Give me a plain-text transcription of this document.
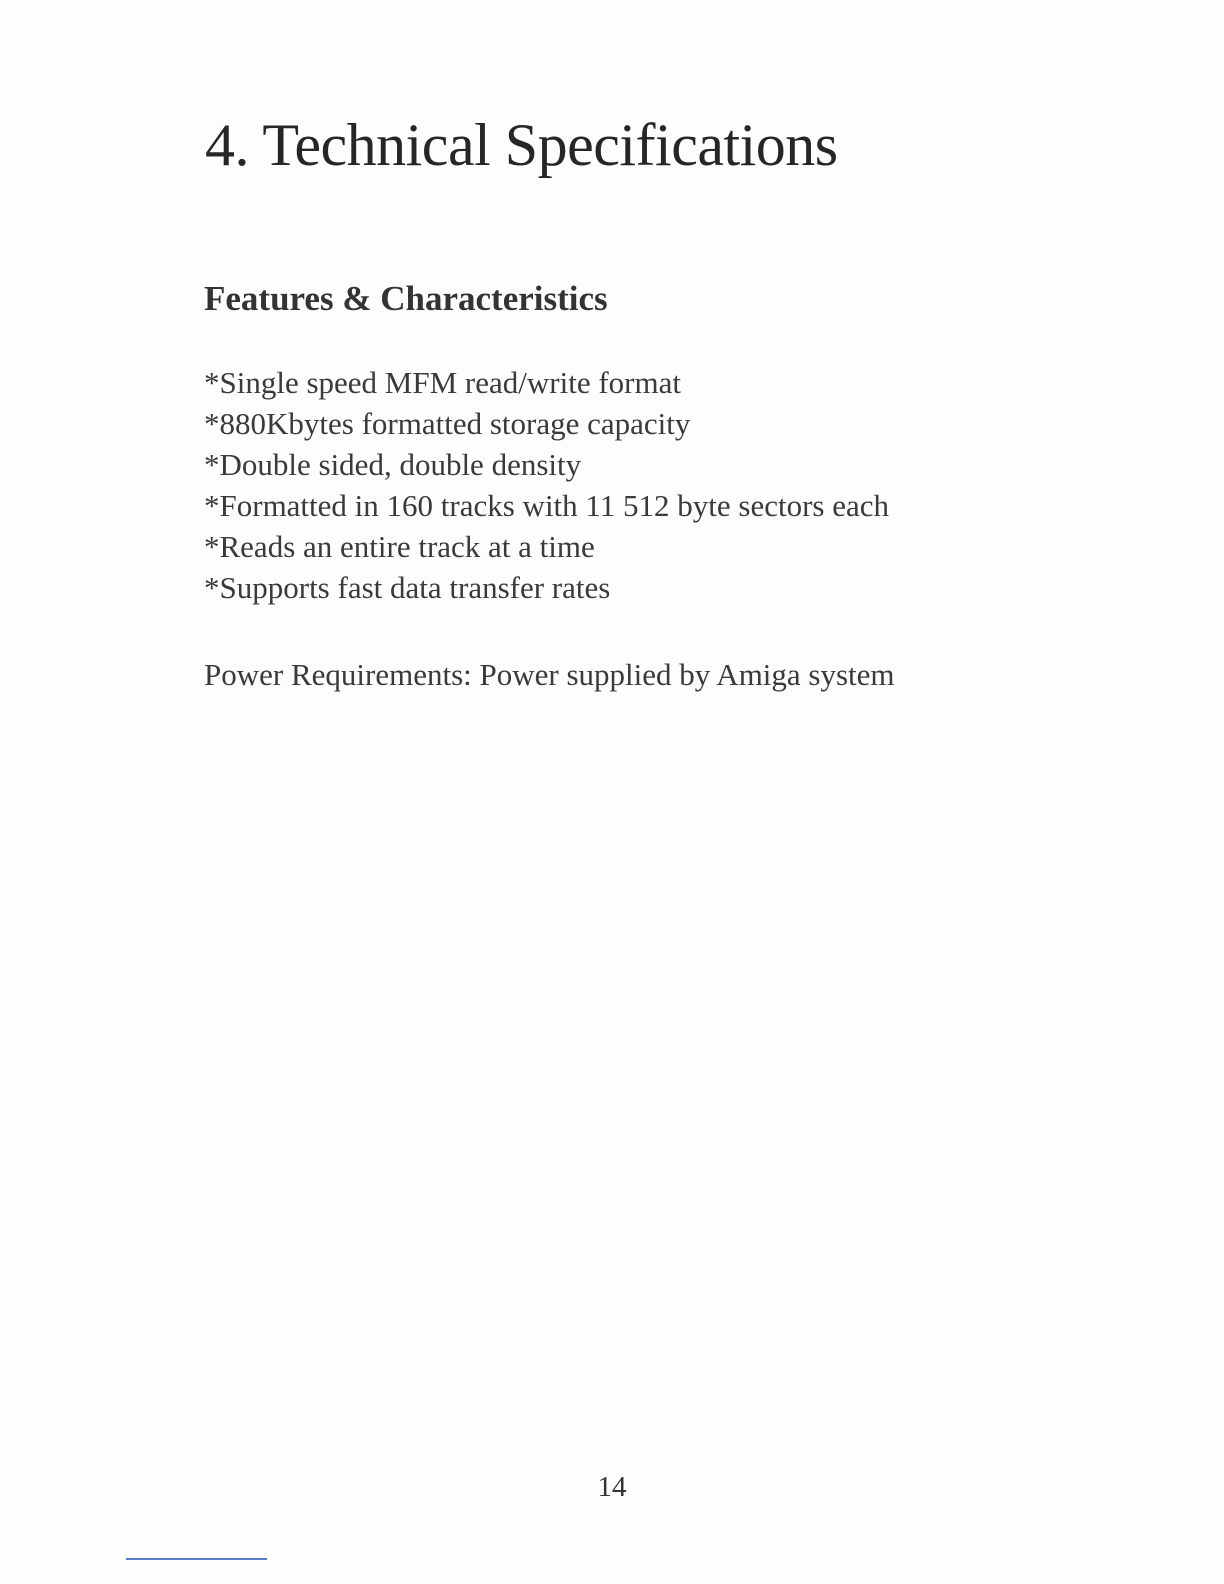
4. Technical Specifications
Features & Characteristics
*Single speed MFM read/write format
*880Kbytes formatted storage capacity
*Double sided, double density
*Formatted in 160 tracks with 11 512 byte sectors each
*Reads an entire track at a time
*Supports fast data transfer rates

Power Requirements: Power supplied by Amiga system

14
